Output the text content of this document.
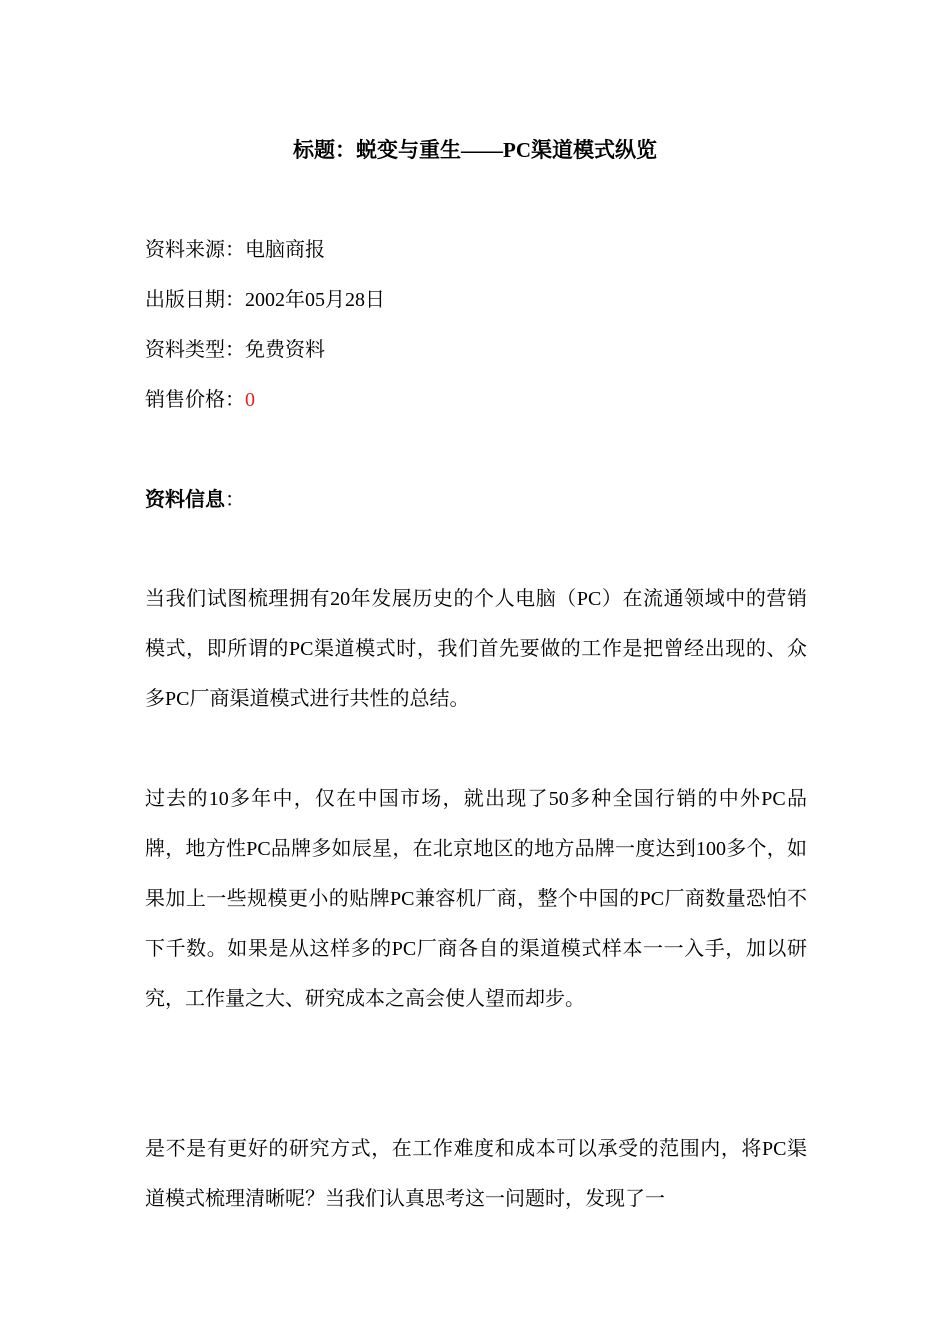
标题：蜕变与重生——PC渠道模式纵览
资料来源：电脑商报
出版日期：2002年05月28日
资料类型：免费资料
销售价格：0

资料信息：

当我们试图梳理拥有20年发展历史的个人电脑（PC）在流通领域中的营销模式，即所谓的PC渠道模式时，我们首先要做的工作是把曾经出现的、众多PC厂商渠道模式进行共性的总结。

过去的10多年中，仅在中国市场，就出现了50多种全国行销的中外PC品牌，地方性PC品牌多如辰星，在北京地区的地方品牌一度达到100多个，如果加上一些规模更小的贴牌PC兼容机厂商，整个中国的PC厂商数量恐怕不下千数。如果是从这样多的PC厂商各自的渠道模式样本一一入手，加以研究，工作量之大、研究成本之高会使人望而却步。

是不是有更好的研究方式，在工作难度和成本可以承受的范围内，将PC渠道模式梳理清晰呢？当我们认真思考这一问题时，发现了一
